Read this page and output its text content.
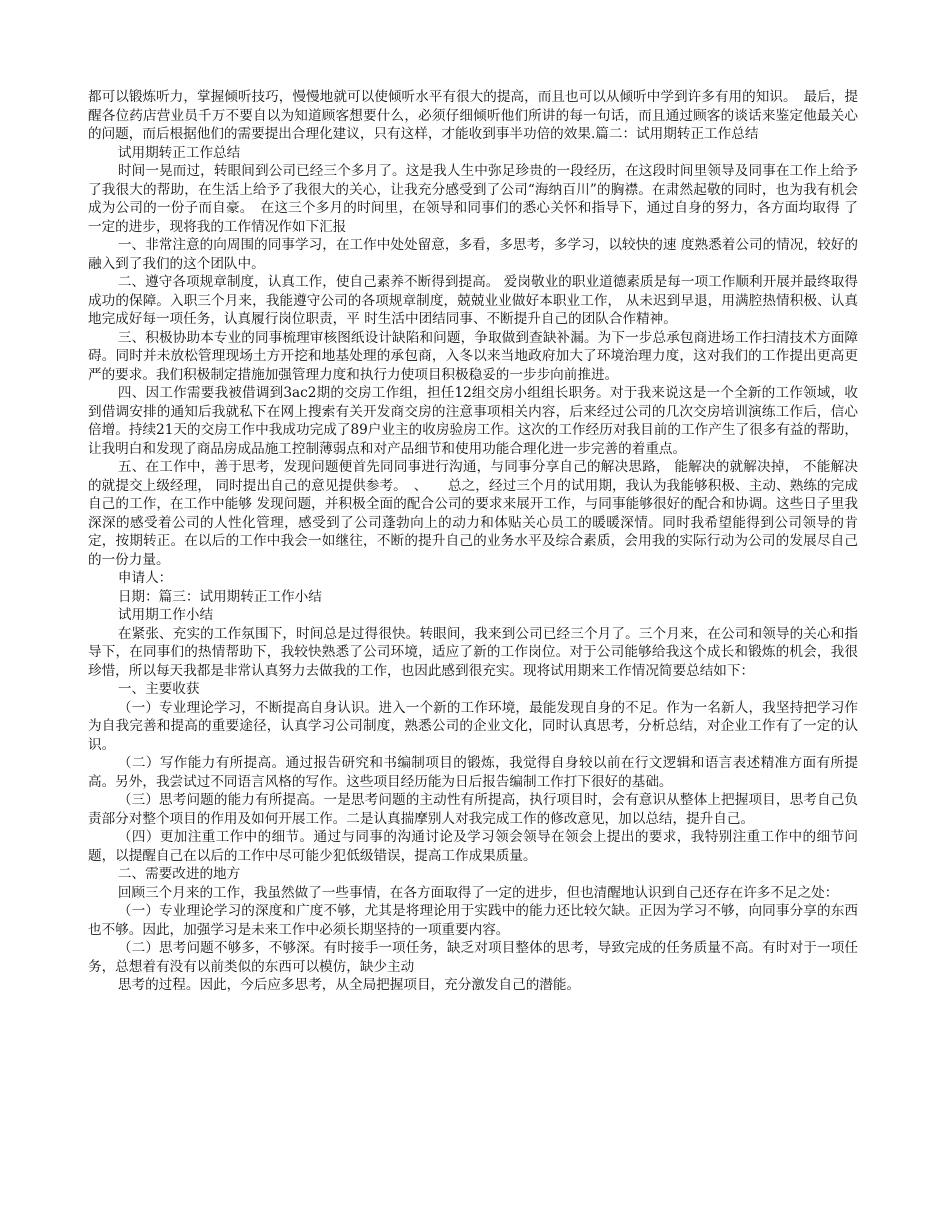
都可以锻炼听力，掌握倾听技巧，慢慢地就可以使倾听水平有很大的提高，而且也可以从倾听中学到许多有用的知识。　最后，提醒各位药店营业员千万不要自以为知道顾客想要什么，必须仔细倾听他们所讲的每一句话，而且通过顾客的谈话来鉴定他最关心的问题，而后根据他们的需要提出合理化建议，只有这样，才能收到事半功倍的效果.篇二：试用期转正工作总结

试用期转正工作总结

时间一晃而过，转眼间到公司已经三个多月了。这是我人生中弥足珍贵的一段经历，在这段时间里领导及同事在工作上给予了我很大的帮助，在生活上给予了我很大的关心，让我充分感受到了公司“海纳百川”的胸襟。在肃然起敬的同时，也为我有机会成为公司的一份子而自豪。　在这三个多月的时间里，在领导和同事们的悉心关怀和指导下，通过自身的努力，各方面均取得 了一定的进步，现将我的工作情况作如下汇报

一、非常注意的向周围的同事学习，在工作中处处留意，多看，多思考，多学习，以较快的速 度熟悉着公司的情况，较好的融入到了我们的这个团队中。

二、遵守各项规章制度，认真工作，使自己素养不断得到提高。 爱岗敬业的职业道德素质是每一项工作顺利开展并最终取得成功的保障。入职三个月来，我能遵守公司的各项规章制度，兢兢业业做好本职业工作， 从未迟到早退，用满腔热情积极、认真地完成好每一项任务，认真履行岗位职责，平 时生活中团结同事、不断提升自己的团队合作精神。

三、积极协助本专业的同事梳理审核图纸设计缺陷和问题，争取做到查缺补漏。为下一步总承包商进场工作扫清技术方面障碍。同时并未放松管理现场土方开挖和地基处理的承包商，入冬以来当地政府加大了环境治理力度，这对我们的工作提出更高更严的要求。我们积极制定措施加强管理力度和执行力使项目积极稳妥的一步步向前推进。

四、因工作需要我被借调到3ac2期的交房工作组，担任12组交房小组组长职务。对于我来说这是一个全新的工作领域，收到借调安排的通知后我就私下在网上搜索有关开发商交房的注意事项相关内容，后来经过公司的几次交房培训演练工作后，信心倍增。持续21天的交房工作中我成功完成了89户业主的收房验房工作。这次的工作经历对我目前的工作产生了很多有益的帮助，让我明白和发现了商品房成品施工控制薄弱点和对产品细节和使用功能合理化进一步完善的着重点。

五、在工作中，善于思考，发现问题便首先同同事进行沟通，与同事分享自己的解决思路， 能解决的就解决掉， 不能解决的就提交上级经理， 同时提出自己的意见提供参考。　、　　总之，经过三个月的试用期，我认为我能够积极、主动、熟练的完成自己的工作，在工作中能够 发现问题，并积极全面的配合公司的要求来展开工作，与同事能够很好的配合和协调。这些日子里我深深的感受着公司的人性化管理，感受到了公司蓬勃向上的动力和体贴关心员工的暖暖深情。同时我希望能得到公司领导的肯定，按期转正。在以后的工作中我会一如继往，不断的提升自己的业务水平及综合素质，会用我的实际行动为公司的发展尽自己的一份力量。

申请人：

日期：篇三：试用期转正工作小结

试用期工作小结

在紧张、充实的工作氛围下，时间总是过得很快。转眼间，我来到公司已经三个月了。三个月来，在公司和领导的关心和指导下，在同事们的热情帮助下，我较快熟悉了公司环境，适应了新的工作岗位。对于公司能够给我这个成长和锻炼的机会，我很珍惜，所以每天我都是非常认真努力去做我的工作，也因此感到很充实。现将试用期来工作情况简要总结如下：

一、主要收获

（一）专业理论学习，不断提高自身认识。进入一个新的工作环境，最能发现自身的不足。作为一名新人，我坚持把学习作为自我完善和提高的重要途径，认真学习公司制度，熟悉公司的企业文化，同时认真思考，分析总结，对企业工作有了一定的认识。

（二）写作能力有所提高。通过报告研究和书编制项目的锻炼，我觉得自身较以前在行文逻辑和语言表述精准方面有所提高。另外，我尝试过不同语言风格的写作。这些项目经历能为日后报告编制工作打下很好的基础。

（三）思考问题的能力有所提高。一是思考问题的主动性有所提高，执行项目时，会有意识从整体上把握项目，思考自己负责部分对整个项目的作用及如何开展工作。二是认真揣摩别人对我完成工作的修改意见，加以总结，提升自己。

（四）更加注重工作中的细节。通过与同事的沟通讨论及学习领会领导在领会上提出的要求，我特别注重工作中的细节问题，以提醒自己在以后的工作中尽可能少犯低级错误，提高工作成果质量。

二、需要改进的地方

回顾三个月来的工作，我虽然做了一些事情，在各方面取得了一定的进步，但也清醒地认识到自己还存在许多不足之处：

（一）专业理论学习的深度和广度不够，尤其是将理论用于实践中的能力还比较欠缺。正因为学习不够，向同事分享的东西也不够。因此，加强学习是未来工作中必须长期坚持的一项重要内容。

（二）思考问题不够多，不够深。有时接手一项任务，缺乏对项目整体的思考，导致完成的任务质量不高。有时对于一项任务，总想着有没有以前类似的东西可以模仿，缺少主动

思考的过程。因此，今后应多思考，从全局把握项目，充分激发自己的潜能。
